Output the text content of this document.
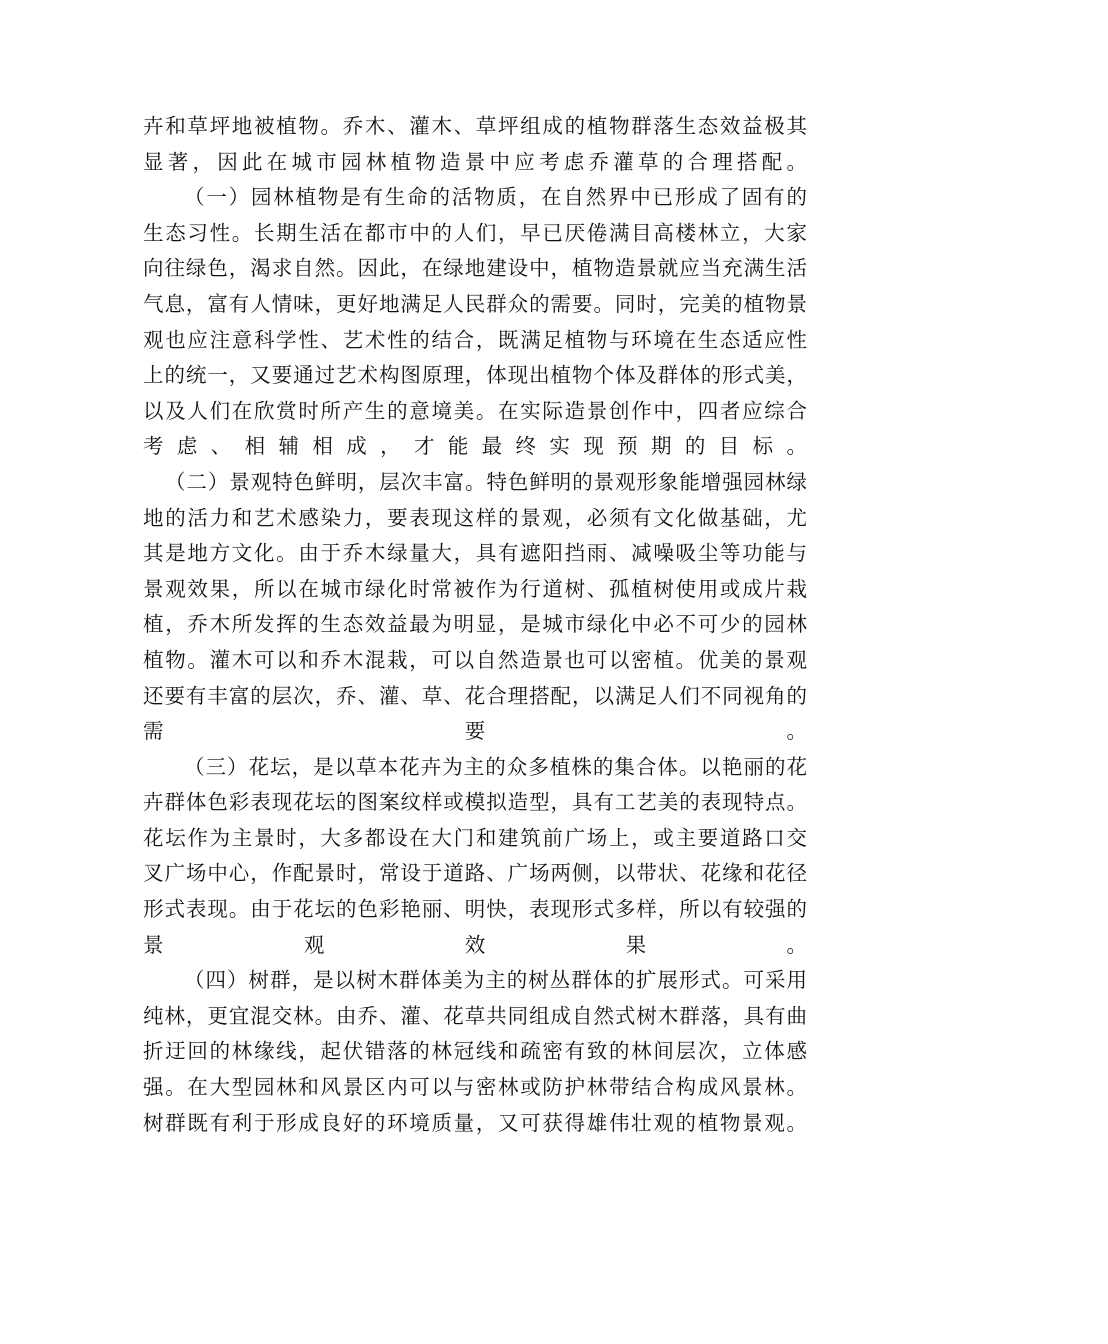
卉和草坪地被植物。乔木、灌木、草坪组成的植物群落生态效益极其
显著，因此在城市园林植物造景中应考虑乔灌草的合理搭配。
（一）园林植物是有生命的活物质，在自然界中已形成了固有的
生态习性。长期生活在都市中的人们，早已厌倦满目高楼林立，大家
向往绿色，渴求自然。因此，在绿地建设中，植物造景就应当充满生活
气息，富有人情味，更好地满足人民群众的需要。同时，完美的植物景
观也应注意科学性、艺术性的结合，既满足植物与环境在生态适应性
上的统一，又要通过艺术构图原理，体现出植物个体及群体的形式美，
以及人们在欣赏时所产生的意境美。在实际造景创作中，四者应综合
考虑、相辅相成，才能最终实现预期的目标。
（二）景观特色鲜明，层次丰富。特色鲜明的景观形象能增强园林绿
地的活力和艺术感染力，要表现这样的景观，必须有文化做基础，尤
其是地方文化。由于乔木绿量大，具有遮阳挡雨、减噪吸尘等功能与
景观效果，所以在城市绿化时常被作为行道树、孤植树使用或成片栽
植，乔木所发挥的生态效益最为明显，是城市绿化中必不可少的园林
植物。灌木可以和乔木混栽，可以自然造景也可以密植。优美的景观
还要有丰富的层次，乔、灌、草、花合理搭配，以满足人们不同视角的
需要。
（三）花坛，是以草本花卉为主的众多植株的集合体。以艳丽的花
卉群体色彩表现花坛的图案纹样或模拟造型，具有工艺美的表现特点。
花坛作为主景时，大多都设在大门和建筑前广场上，或主要道路口交
叉广场中心，作配景时，常设于道路、广场两侧，以带状、花缘和花径
形式表现。由于花坛的色彩艳丽、明快，表现形式多样，所以有较强的
景观效果。
（四）树群，是以树木群体美为主的树丛群体的扩展形式。可采用
纯林，更宜混交林。由乔、灌、花草共同组成自然式树木群落，具有曲
折迂回的林缘线，起伏错落的林冠线和疏密有致的林间层次，立体感
强。在大型园林和风景区内可以与密林或防护林带结合构成风景林。
树群既有利于形成良好的环境质量，又可获得雄伟壮观的植物景观。
